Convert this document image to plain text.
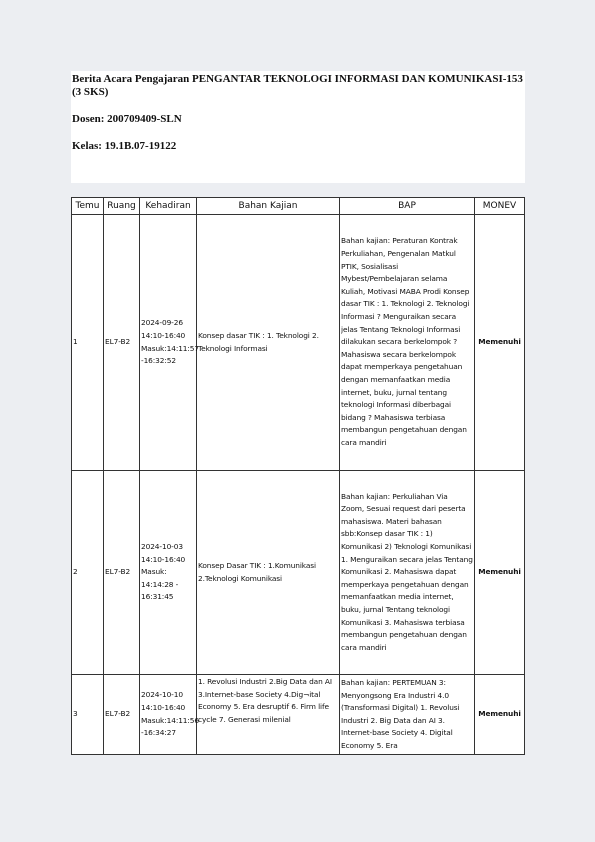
Berita Acara Pengajaran PENGANTAR TEKNOLOGI INFORMASI DAN KOMUNIKASI-153 (3 SKS)

Dosen: 200709409-SLN

Kelas: 19.1B.07-19122

Temu	Ruang	Kehadiran	Bahan Kajian	BAP	MONEV
1	EL7-B2	2024-09-26 14:10-16:40 Masuk:14:11:57 -16:32:52	Konsep dasar TIK : 1. Teknologi 2. Teknologi Informasi	Bahan kajian: Peraturan Kontrak Perkuliahan, Pengenalan Matkul PTIK, Sosialisasi Mybest/Pembelajaran selama Kuliah, Motivasi MABA Prodi Konsep dasar TIK : 1. Teknologi 2. Teknologi Informasi ? Menguraikan secara jelas Tentang Teknologi Informasi dilakukan secara berkelompok ? Mahasiswa secara berkelompok dapat memperkaya pengetahuan dengan memanfaatkan media internet, buku, jurnal tentang teknologi Informasi diberbagai bidang ? Mahasiswa terbiasa membangun pengetahuan dengan cara mandiri	Memenuhi
2	EL7-B2	2024-10-03 14:10-16:40 Masuk: 14:14:28 - 16:31:45	Konsep Dasar TIK : 1.Komunikasi 2.Teknologi Komunikasi	Bahan kajian: Perkuliahan Via Zoom, Sesuai request dari peserta mahasiswa. Materi bahasan sbb:Konsep dasar TIK : 1) Komunikasi 2) Teknologi Komunikasi 1. Menguraikan secara jelas Tentang Komunikasi 2. Mahasiswa dapat memperkaya pengetahuan dengan memanfaatkan media internet, buku, jurnal Tentang teknologi Komunikasi 3. Mahasiswa terbiasa membangun pengetahuan dengan cara mandiri	Memenuhi
3	EL7-B2	2024-10-10 14:10-16:40 Masuk:14:11:56 -16:34:27	1. Revolusi Industri 2.Big Data dan AI 3.Internet-base Society 4.Dig¬ital Economy 5. Era desruptif 6. Firm life cycle 7. Generasi milenial	Bahan kajian: PERTEMUAN 3: Menyongsong Era Industri 4.0 (Transformasi Digital) 1. Revolusi Industri 2. Big Data dan AI 3. Internet-base Society 4. Digital Economy 5. Era	Memenuhi
